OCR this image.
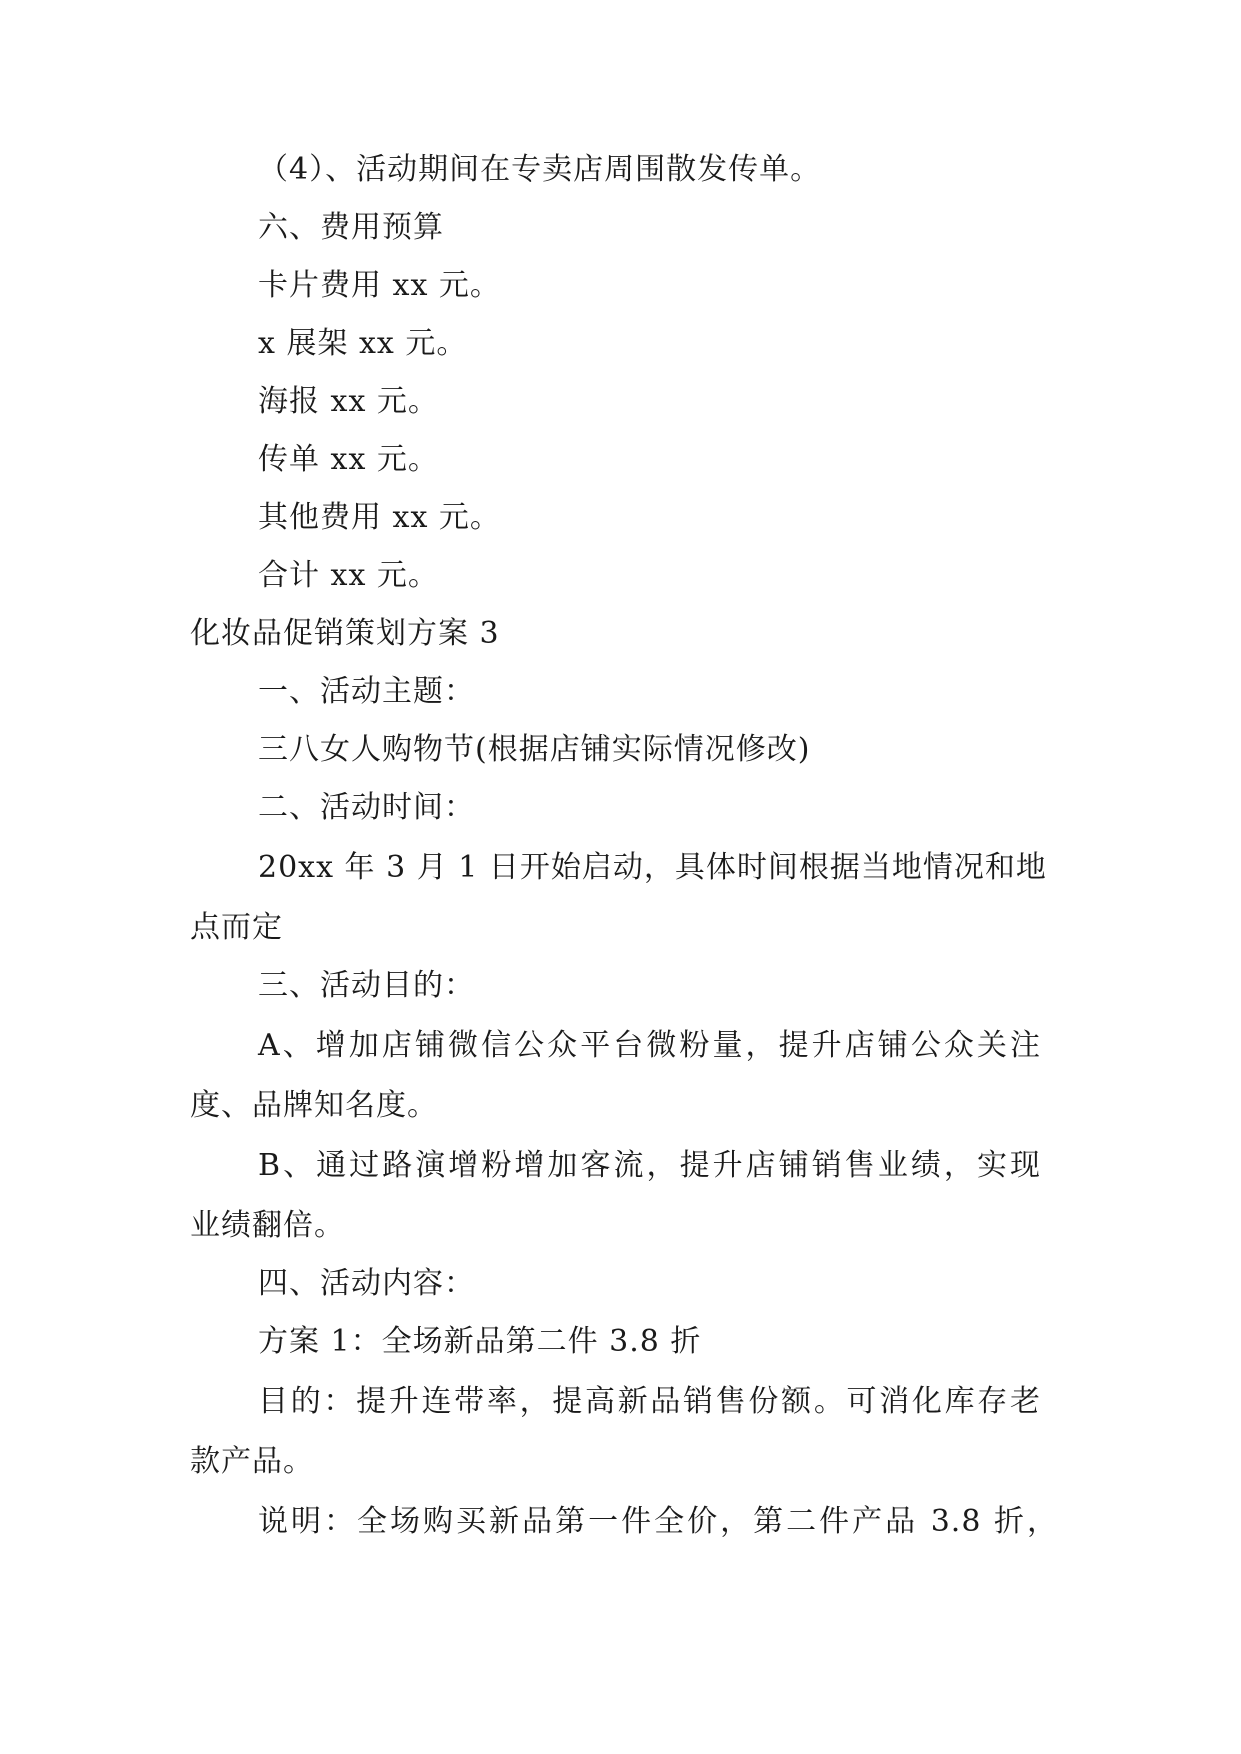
（4）、活动期间在专卖店周围散发传单。
六、费用预算
卡片费用 xx 元。
x 展架 xx 元。
海报 xx 元。
传单 xx 元。
其他费用 xx 元。
合计 xx 元。
化妆品促销策划方案 3
一、活动主题：
三八女人购物节(根据店铺实际情况修改)
二、活动时间：
20xx 年 3 月 1 日开始启动，具体时间根据当地情况和地
点而定
三、活动目的：
A、增加店铺微信公众平台微粉量，提升店铺公众关注
度、品牌知名度。
B、通过路演增粉增加客流，提升店铺销售业绩，实现
业绩翻倍。
四、活动内容：
方案 1：全场新品第二件 3.8 折
目的：提升连带率，提高新品销售份额。可消化库存老
款产品。
说明：全场购买新品第一件全价，第二件产品 3.8 折，
